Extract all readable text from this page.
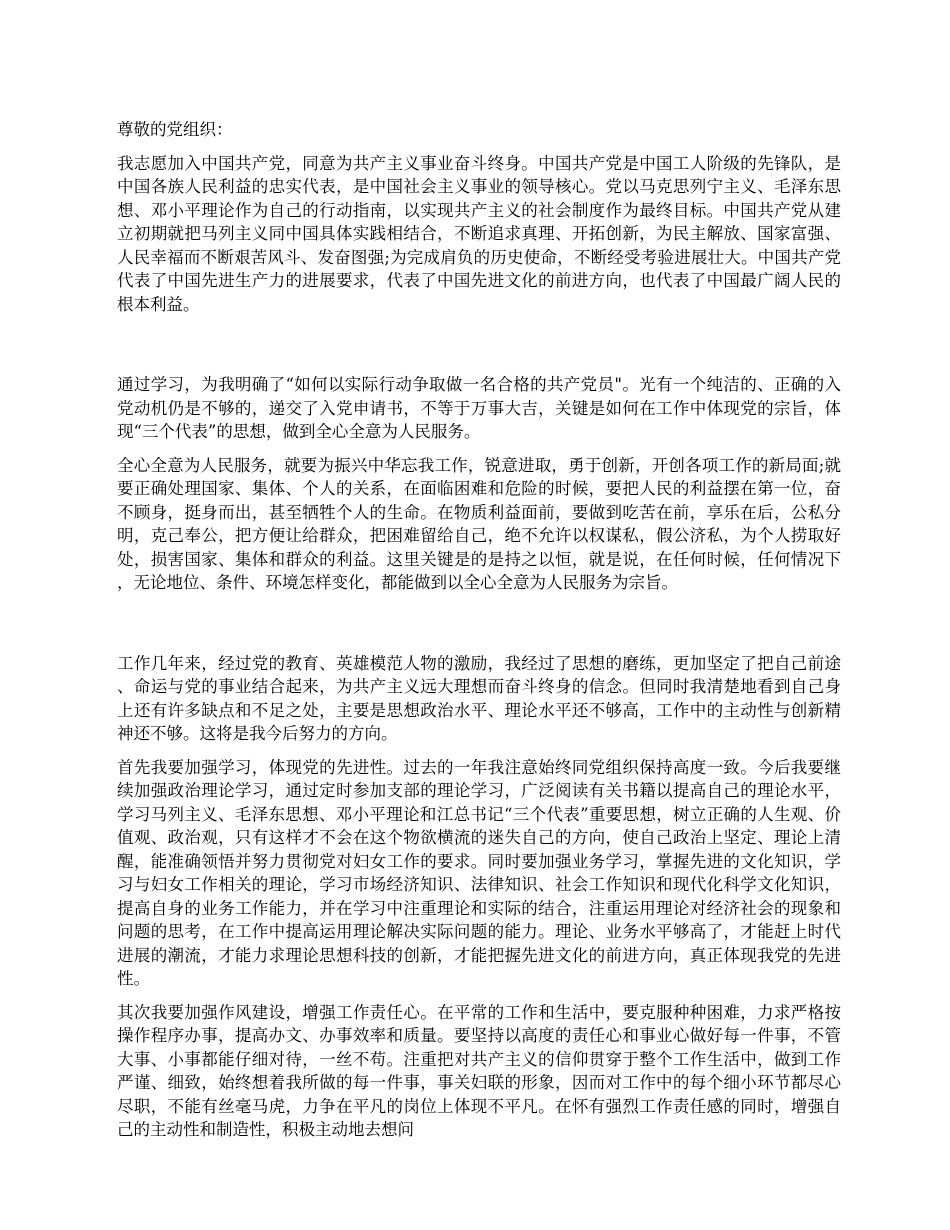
尊敬的党组织：

我志愿加入中国共产党，同意为共产主义事业奋斗终身。中国共产党是中国工人阶级的先锋队，是中国各族人民利益的忠实代表，是中国社会主义事业的领导核心。党以马克思列宁主义、毛泽东思想、邓小平理论作为自己的行动指南，以实现共产主义的社会制度作为最终目标。中国共产党从建立初期就把马列主义同中国具体实践相结合，不断追求真理、开拓创新，为民主解放、国家富强、人民幸福而不断艰苦风斗、发奋图强;为完成肩负的历史使命，不断经受考验进展壮大。中国共产党代表了中国先进生产力的进展要求，代表了中国先进文化的前进方向，也代表了中国最广阔人民的根本利益。

通过学习，为我明确了“如何以实际行动争取做一名合格的共产党员"。光有一个纯洁的、正确的入党动机仍是不够的，递交了入党申请书，不等于万事大吉，关键是如何在工作中体现党的宗旨，体现“三个代表”的思想，做到全心全意为人民服务。

全心全意为人民服务，就要为振兴中华忘我工作，锐意进取，勇于创新，开创各项工作的新局面;就要正确处理国家、集体、个人的关系，在面临困难和危险的时候，要把人民的利益摆在第一位，奋不顾身，挺身而出，甚至牺牲个人的生命。在物质利益面前，要做到吃苦在前，享乐在后，公私分明，克己奉公，把方便让给群众，把困难留给自己，绝不允许以权谋私，假公济私，为个人捞取好处，损害国家、集体和群众的利益。这里关键是的是持之以恒，就是说，在任何时候，任何情况下，无论地位、条件、环境怎样变化，都能做到以全心全意为人民服务为宗旨。

工作几年来，经过党的教育、英雄模范人物的激励，我经过了思想的磨练，更加坚定了把自己前途、命运与党的事业结合起来，为共产主义远大理想而奋斗终身的信念。但同时我清楚地看到自己身上还有许多缺点和不足之处，主要是思想政治水平、理论水平还不够高，工作中的主动性与创新精神还不够。这将是我今后努力的方向。

首先我要加强学习，体现党的先进性。过去的一年我注意始终同党组织保持高度一致。今后我要继续加强政治理论学习，通过定时参加支部的理论学习，广泛阅读有关书籍以提高自己的理论水平，学习马列主义、毛泽东思想、邓小平理论和江总书记“三个代表”重要思想，树立正确的人生观、价值观、政治观，只有这样才不会在这个物欲横流的迷失自己的方向，使自己政治上坚定、理论上清醒，能准确领悟并努力贯彻党对妇女工作的要求。同时要加强业务学习，掌握先进的文化知识，学习与妇女工作相关的理论，学习市场经济知识、法律知识、社会工作知识和现代化科学文化知识，提高自身的业务工作能力，并在学习中注重理论和实际的结合，注重运用理论对经济社会的现象和问题的思考，在工作中提高运用理论解决实际问题的能力。理论、业务水平够高了，才能赶上时代进展的潮流，才能力求理论思想科技的创新，才能把握先进文化的前进方向，真正体现我党的先进性。

其次我要加强作风建设，增强工作责任心。在平常的工作和生活中，要克服种种困难，力求严格按操作程序办事，提高办文、办事效率和质量。要坚持以高度的责任心和事业心做好每一件事，不管大事、小事都能仔细对待，一丝不苟。注重把对共产主义的信仰贯穿于整个工作生活中，做到工作严谨、细致，始终想着我所做的每一件事，事关妇联的形象，因而对工作中的每个细小环节都尽心尽职，不能有丝毫马虎，力争在平凡的岗位上体现不平凡。在怀有强烈工作责任感的同时，增强自己的主动性和制造性，积极主动地去想问
